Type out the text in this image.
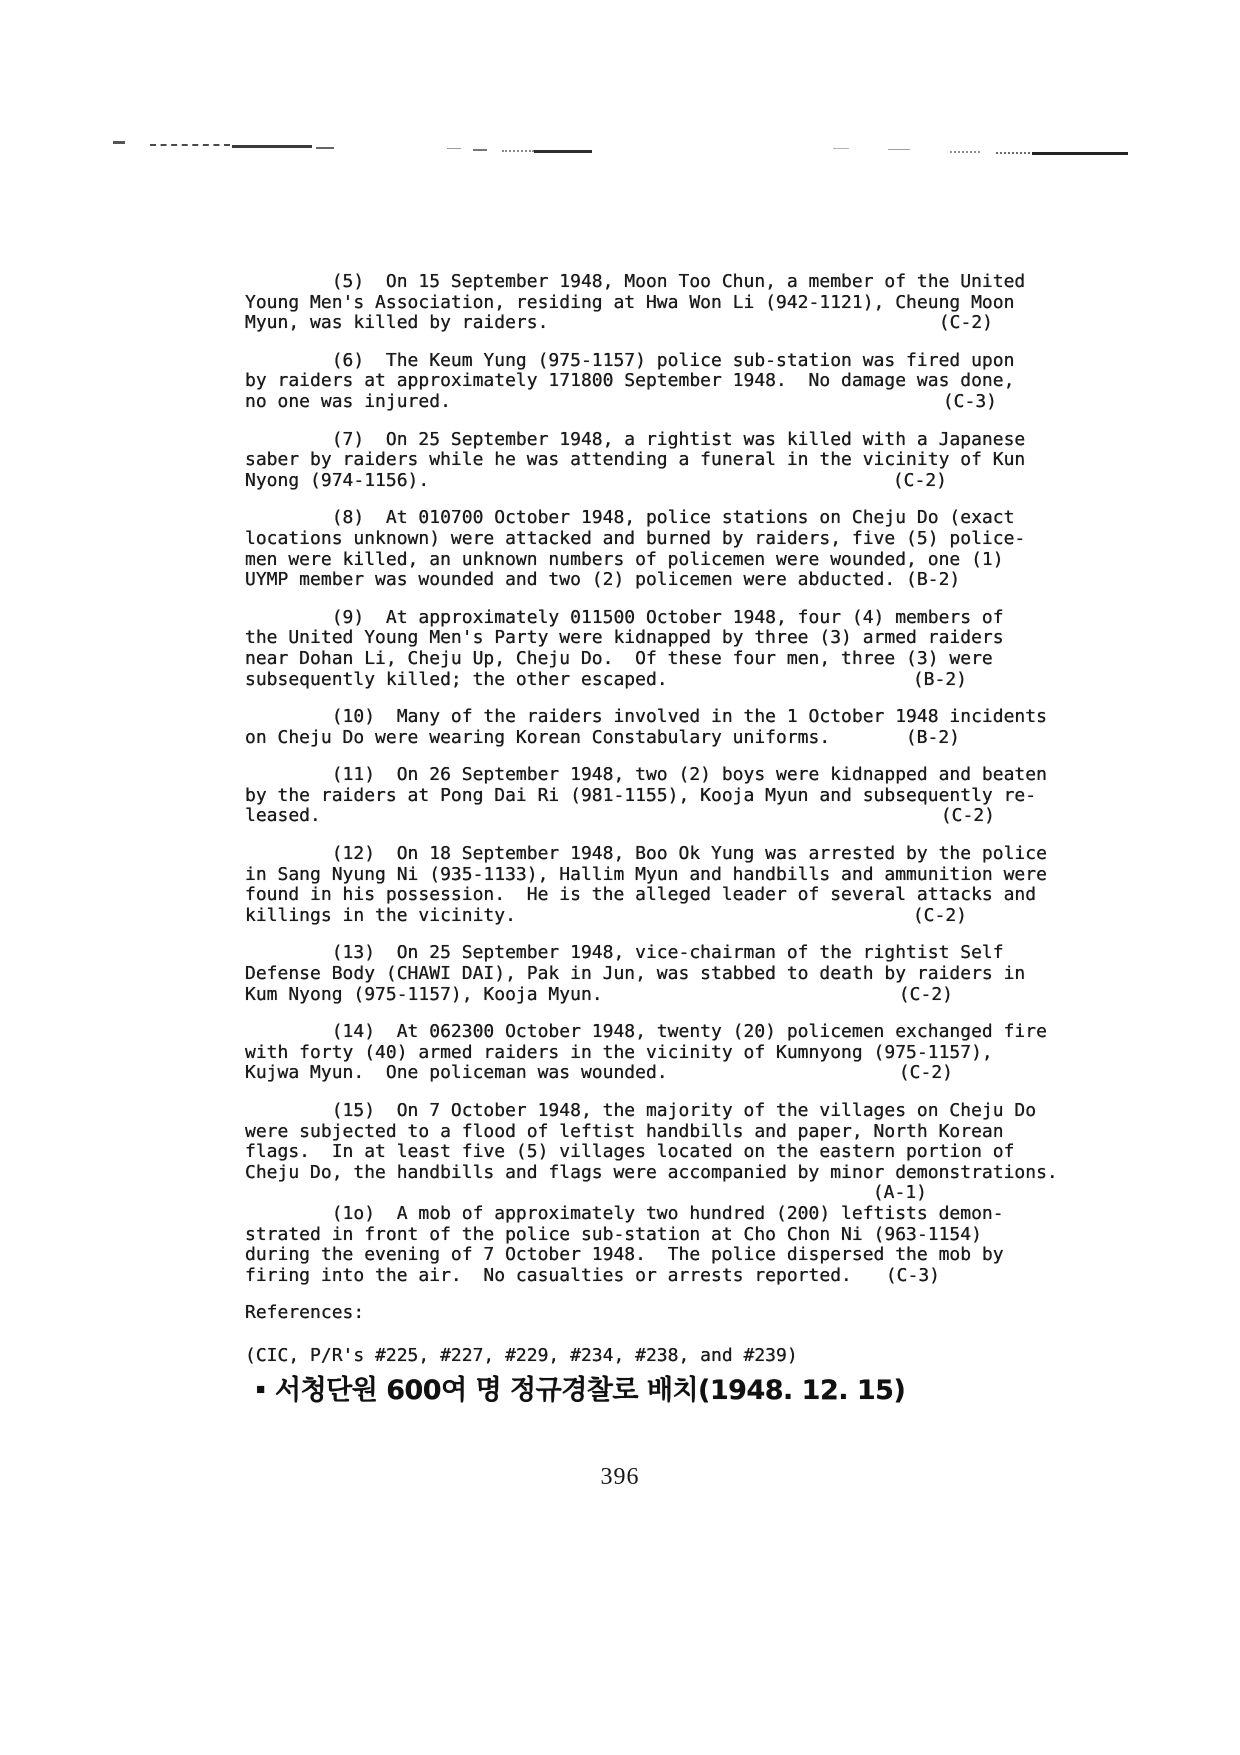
(5)  On 15 September 1948, Moon Too Chun, a member of the United
Young Men's Association, residing at Hwa Won Li (942-1121), Cheung Moon
Myun, was killed by raiders.	(C-2)
(6)  The Keum Yung (975-1157) police sub-station was fired upon
by raiders at approximately 171800 September 1948.  No damage was done,
no one was injured.	(C-3)
(7)  On 25 September 1948, a rightist was killed with a Japanese
saber by raiders while he was attending a funeral in the vicinity of Kun
Nyong (974-1156).	(C-2)
(8)  At 010700 October 1948, police stations on Cheju Do (exact
locations unknown) were attacked and burned by raiders, five (5) police-
men were killed, an unknown numbers of policemen were wounded, one (1)
UYMP member was wounded and two (2) policemen were abducted. (B-2)
(9)  At approximately 011500 October 1948, four (4) members of
the United Young Men's Party were kidnapped by three (3) armed raiders
near Dohan Li, Cheju Up, Cheju Do.  Of these four men, three (3) were
subsequently killed; the other escaped.	(B-2)
(10)  Many of the raiders involved in the 1 October 1948 incidents
on Cheju Do were wearing Korean Constabulary uniforms.	(B-2)
(11)  On 26 September 1948, two (2) boys were kidnapped and beaten
by the raiders at Pong Dai Ri (981-1155), Kooja Myun and subsequently re-
leased.	(C-2)
(12)  On 18 September 1948, Boo Ok Yung was arrested by the police
in Sang Nyung Ni (935-1133), Hallim Myun and handbills and ammunition were
found in his possession.  He is the alleged leader of several attacks and
killings in the vicinity.	(C-2)
(13)  On 25 September 1948, vice-chairman of the rightist Self
Defense Body (CHAWI DAI), Pak in Jun, was stabbed to death by raiders in
Kum Nyong (975-1157), Kooja Myun.	(C-2)
(14)  At 062300 October 1948, twenty (20) policemen exchanged fire
with forty (40) armed raiders in the vicinity of Kumnyong (975-1157),
Kujwa Myun.  One policeman was wounded.	(C-2)
(15)  On 7 October 1948, the majority of the villages on Cheju Do
were subjected to a flood of leftist handbills and paper, North Korean
flags.  In at least five (5) villages located on the eastern portion of
Cheju Do, the handbills and flags were accompanied by minor demonstrations.
(A-1)
(1o)  A mob of approximately two hundred (200) leftists demon-
strated in front of the police sub-station at Cho Chon Ni (963-1154)
during the evening of 7 October 1948.  The police dispersed the mob by
firing into the air.  No casualties or arrests reported. (C-3)

References:

(CIC, P/R's #225, #227, #229, #234, #238, and #239)

▪ 서청단원 600여 명 정규경찰로 배치(1948. 12. 15)
396
